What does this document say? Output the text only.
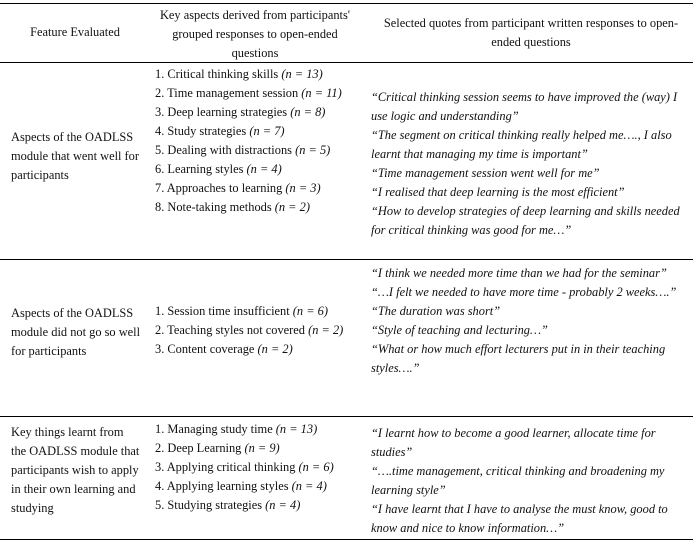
Feature Evaluated
Key aspects derived from participants' grouped responses to open-ended questions
Selected quotes from participant written responses to open-ended questions
Aspects of the OADLSS module that went well for participants

1. Critical thinking skills (n = 13)

2. Time management session (n = 11)

3. Deep learning strategies (n = 8)

4. Study strategies (n = 7)

5. Dealing with distractions (n = 5)

6. Learning styles (n = 4)

7. Approaches to learning (n = 3)

8. Note-taking methods (n = 2)

“Critical thinking session seems to have improved the (way) I use logic and understanding”

“The segment on critical thinking really helped me…., I also learnt that managing my time is important”

“Time management session went well for me”

“I realised that deep learning is the most efficient”

“How to develop strategies of deep learning and skills needed for critical thinking was good for me…”

Aspects of the OADLSS module did not go so well for participants

1. Session time insufficient (n = 6)

2. Teaching styles not covered (n = 2)

3. Content coverage (n = 2)

“I think we needed more time than we had for the seminar”

“…I felt we needed to have more time - probably 2 weeks….”

“The duration was short”

“Style of teaching and lecturing…”

“What or how much effort lecturers put in in their teaching styles….”

Key things learnt from the OADLSS module that participants wish to apply in their own learning and studying

1. Managing study time (n = 13)

2. Deep Learning (n = 9)

3. Applying critical thinking (n = 6)

4. Applying learning styles (n = 4)

5. Studying strategies (n = 4)

“I learnt how to become a good learner, allocate time for studies”

“….time management, critical thinking and broadening my learning style”

“I have learnt that I have to analyse the must know, good to know and nice to know information…”
